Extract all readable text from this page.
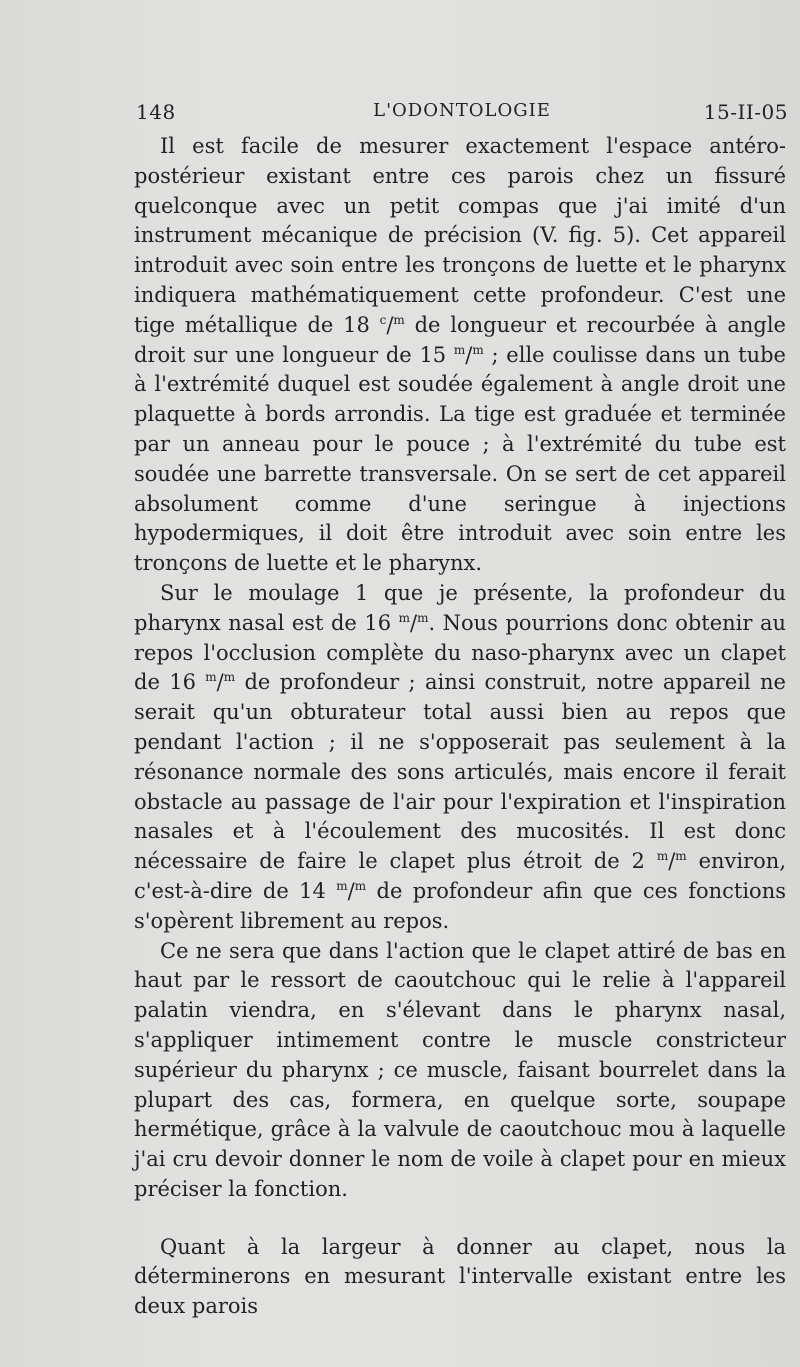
148	L'ODONTOLOGIE	15-II-05

Il est facile de mesurer exactement l'espace antéro-postérieur existant entre ces parois chez un fissuré quelconque avec un petit compas que j'ai imité d'un instrument mécanique de précision (V. fig. 5). Cet appareil introduit avec soin entre les tronçons de luette et le pharynx indiquera mathématiquement cette profondeur. C'est une tige métallique de 18 $^c$/$^m$ de longueur et recourbée à angle droit sur une longueur de 15 $^m$/$^m$ ; elle coulisse dans un tube à l'extrémité duquel est soudée également à angle droit une plaquette à bords arrondis. La tige est graduée et terminée par un anneau pour le pouce ; à l'extrémité du tube est soudée une barrette transversale. On se sert de cet appareil absolument comme d'une seringue à injections hypodermiques, il doit être introduit avec soin entre les tronçons de luette et le pharynx.

Sur le moulage 1 que je présente, la profondeur du pharynx nasal est de 16 $^m$/$^m$. Nous pourrions donc obtenir au repos l'occlusion complète du naso-pharynx avec un clapet de 16 $^m$/$^m$ de profondeur ; ainsi construit, notre appareil ne serait qu'un obturateur total aussi bien au repos que pendant l'action ; il ne s'opposerait pas seulement à la résonance normale des sons articulés, mais encore il ferait obstacle au passage de l'air pour l'expiration et l'inspiration nasales et à l'écoulement des mucosités. Il est donc nécessaire de faire le clapet plus étroit de 2 $^m$/$^m$ environ, c'est-à-dire de 14 $^m$/$^m$ de profondeur afin que ces fonctions s'opèrent librement au repos.

Ce ne sera que dans l'action que le clapet attiré de bas en haut par le ressort de caoutchouc qui le relie à l'appareil palatin viendra, en s'élevant dans le pharynx nasal, s'appliquer intimement contre le muscle constricteur supérieur du pharynx ; ce muscle, faisant bourrelet dans la plupart des cas, formera, en quelque sorte, soupape hermétique, grâce à la valvule de caoutchouc mou à laquelle j'ai cru devoir donner le nom de voile à clapet pour en mieux préciser la fonction.

Quant à la largeur à donner au clapet, nous la déterminerons en mesurant l'intervalle existant entre les deux parois
